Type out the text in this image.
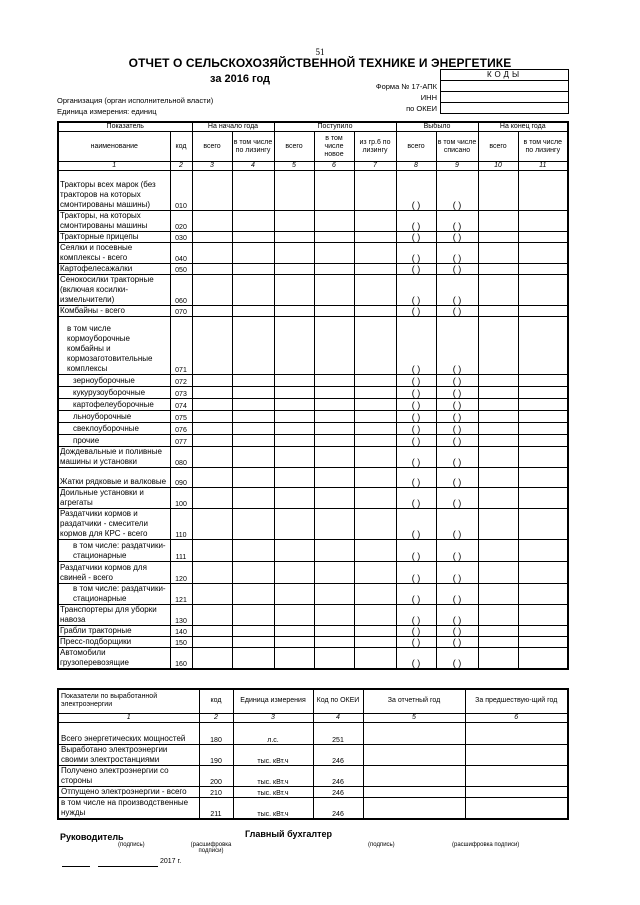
51
ОТЧЕТ О СЕЛЬСКОХОЗЯЙСТВЕННОЙ ТЕХНИКЕ И ЭНЕРГЕТИКЕ
за 2016 год	КОДЫ
Форма № 17-АПК
ИНН
по ОКЕИ
Организация (орган исполнительной власти)
Единица измерения: единиц
Показатель		На начало года		Поступило			Выбыло		На конец года	
наименование	код	всего	в том числе по лизингу	всего	в том числе новое	из гр.6 по лизингу	всего	в том числе списано	всего	в том числе по лизингу
1	2	3	4	5	6	7	8	9	10	11
Тракторы всех марок (без тракторов на которых смонтированы машины)	010						( )	( )		

Тракторы, на которых смонтированы машины	020						( )	( )		

Тракторные прицепы	030						( )	( )		

Сеялки и посевные комплексы - всего	040						( )	( )		

Картофелесажалки	050						( )	( )		

Сенокосилки тракторные (включая косилки-измельчители)	060						( )	( )		

Комбайны - всего	070						( )	( )		

в том числе кормоуборочные комбайны и кормозаготовительные комплексы	071						( )	( )		

зерноуборочные	072						( )	( )		

кукурузоуборочные	073						( )	( )		

картофелеуборочные	074						( )	( )		

льноуборочные	075						( )	( )		

свеклоуборочные	076						( )	( )		

прочие	077						( )	( )		

Дождевальные и поливные машины и установки	080						( )	( )		

Жатки рядковые и валковые	090						( )	( )		

Доильные установки и агрегаты	100						( )	( )		

Раздатчики кормов и раздатчики - смесители кормов для КРС - всего	110						( )	( )		

в том числе: раздатчики-стационарные	111						( )	( )		

Раздатчики кормов для свиней - всего	120						( )	( )		

в том числе: раздатчики-стационарные	121						( )	( )		

Транспортеры для уборки навоза	130						( )	( )		

Грабли тракторные	140						( )	( )		

Пресс-подборщики	150						( )	( )		

Автомобили грузоперевозящие	160						( )	( )		

Показатели по выработанной электроэнергии	код	Единица измерения	Код по ОКЕИ	За отчетный год	За предшествую-щий год
1	2	3	4	5	6
Всего энергетических мощностей	180	л.с.	251		
Выработано электроэнергии своими электростанциями	190	тыс. кВт.ч	246		
Получено электроэнергии со стороны	200	тыс. кВт.ч	246		
Отпущено электроэнергии - всего	210	тыс. кВт.ч	246		
в том числе на производственные нужды	211	тыс. кВт.ч	246		
Руководитель	Главный бухгалтер
(подпись)	(расшифровка подписи)
(подпись)	(расшифровка подписи)
2017 г.
